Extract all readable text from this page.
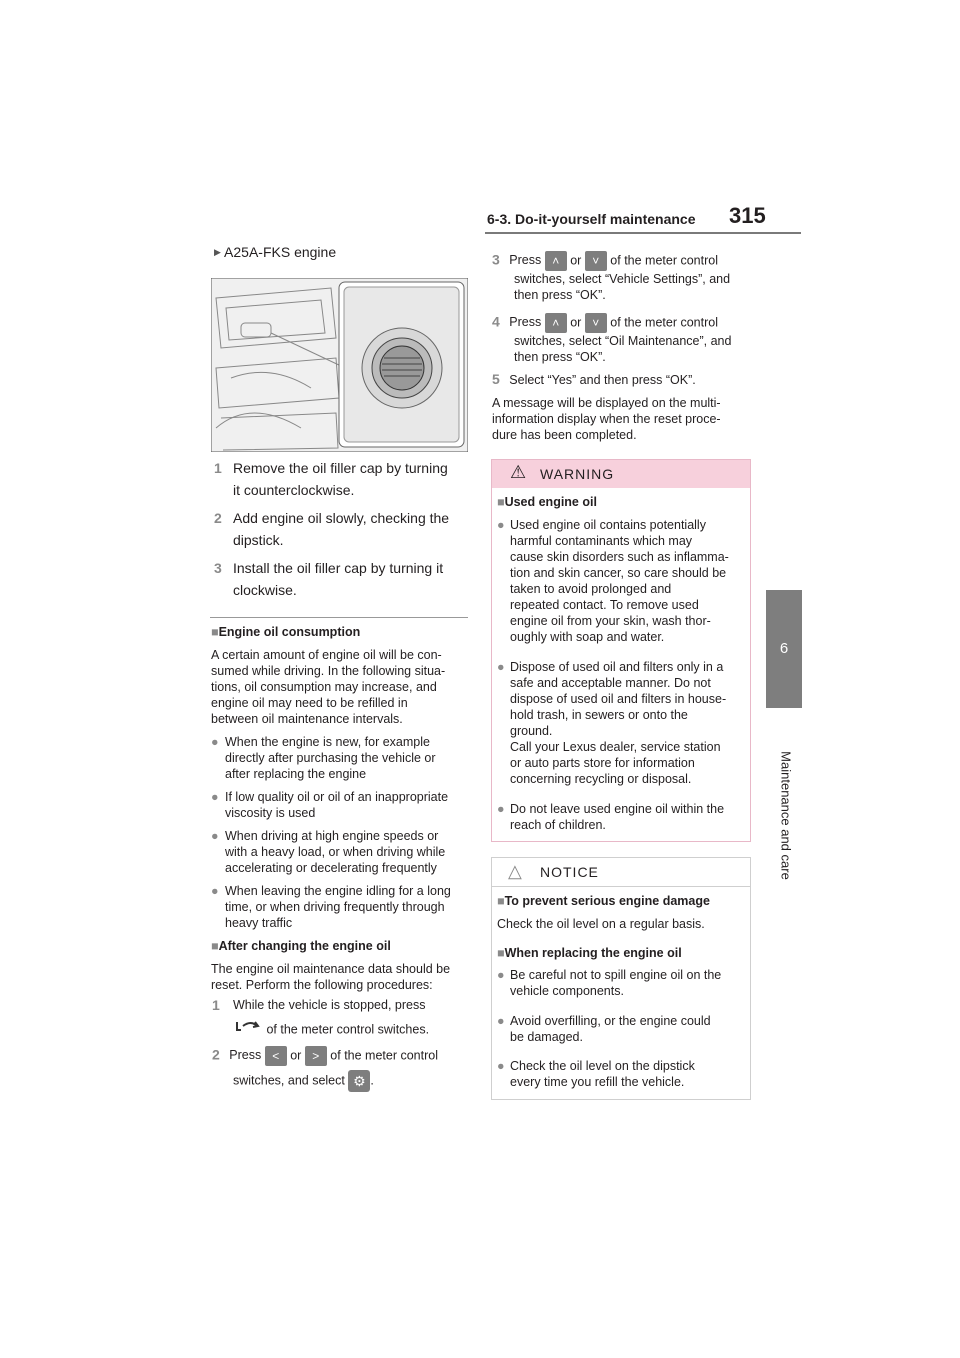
6-3. Do-it-yourself maintenance 315
6
Maintenance and care
▶ A25A-FKS engine
1 Remove the oil filler cap by turning
it counterclockwise.
2 Add engine oil slowly, checking the
dipstick.
3 Install the oil filler cap by turning it
clockwise.
■Engine oil consumption
A certain amount of engine oil will be con-
sumed while driving. In the following situa-
tions, oil consumption may increase, and
engine oil may need to be refilled in
between oil maintenance intervals.
● When the engine is new, for example
directly after purchasing the vehicle or
after replacing the engine
● If low quality oil or oil of an inappropriate
viscosity is used
● When driving at high engine speeds or
with a heavy load, or when driving while
accelerating or decelerating frequently
● When leaving the engine idling for a long
time, or when driving frequently through
heavy traffic
■After changing the engine oil
The engine oil maintenance data should be
reset. Perform the following procedures:
1 While the vehicle is stopped, press
of the meter control switches.
2 Press < or > of the meter control
switches, and select ⚙ .
3 Press ˄ or ˅ of the meter control
switches, select “Vehicle Settings”, and
then press “OK”.
4 Press ˄ or ˅ of the meter control
switches, select “Oil Maintenance”, and
then press “OK”.
5 Select “Yes” and then press “OK”.
A message will be displayed on the multi-
information display when the reset proce-
dure has been completed.
⚠ WARNING
■Used engine oil
● Used engine oil contains potentially
harmful contaminants which may
cause skin disorders such as inflamma-
tion and skin cancer, so care should be
taken to avoid prolonged and
repeated contact. To remove used
engine oil from your skin, wash thor-
oughly with soap and water.
● Dispose of used oil and filters only in a
safe and acceptable manner. Do not
dispose of used oil and filters in house-
hold trash, in sewers or onto the
ground.
Call your Lexus dealer, service station
or auto parts store for information
concerning recycling or disposal.
● Do not leave used engine oil within the
reach of children.
△ NOTICE
■To prevent serious engine damage
Check the oil level on a regular basis.
■When replacing the engine oil
● Be careful not to spill engine oil on the
vehicle components.
● Avoid overfilling, or the engine could
be damaged.
● Check the oil level on the dipstick
every time you refill the vehicle.
